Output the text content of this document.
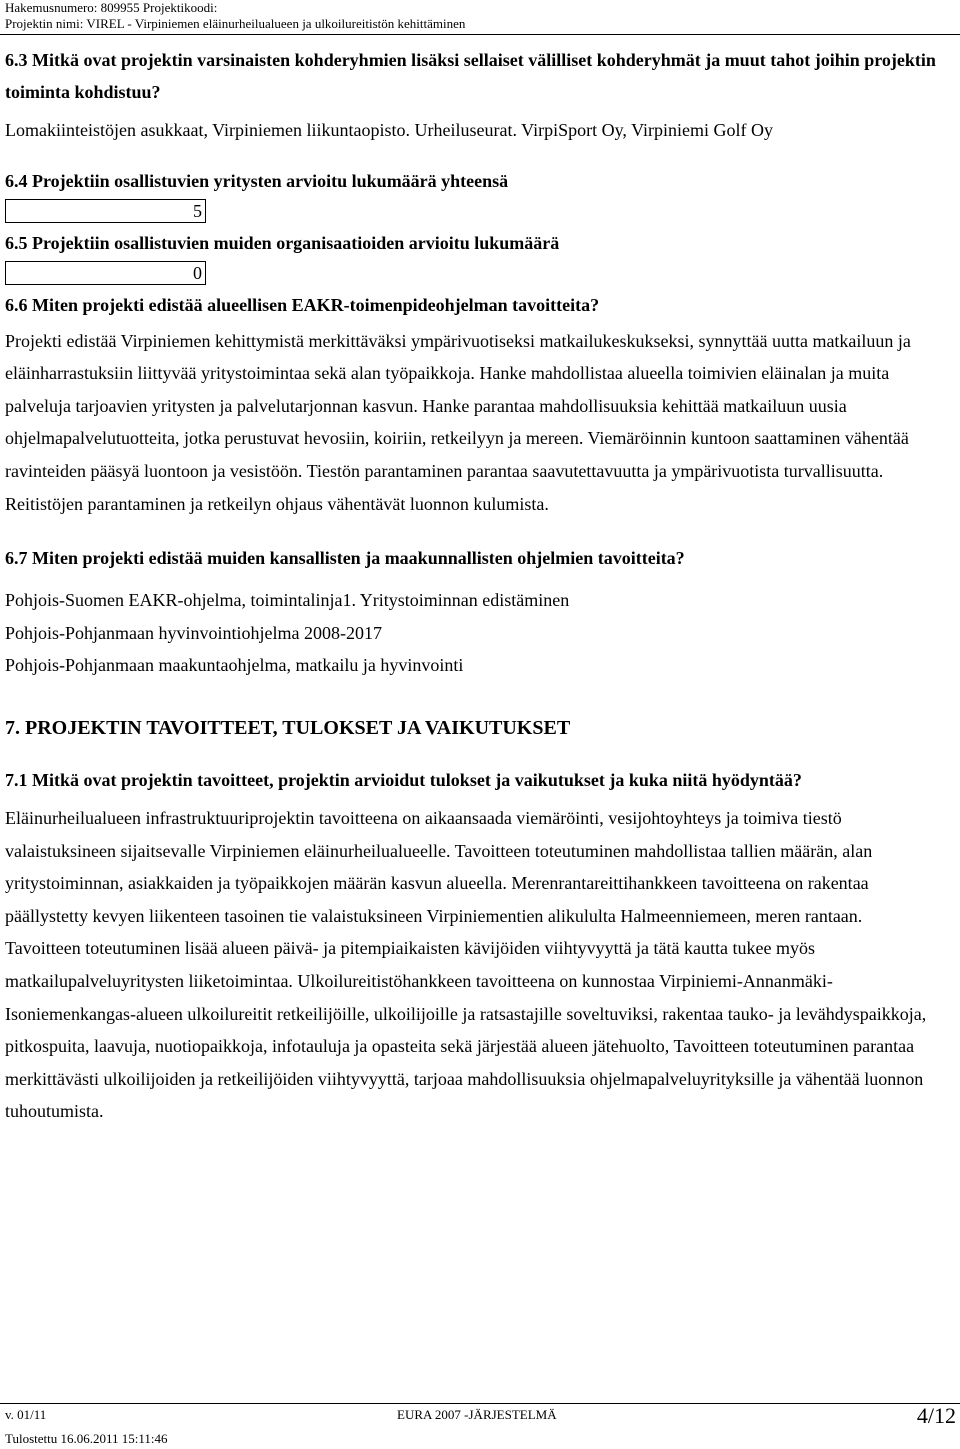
Hakemusnumero: 809955 Projektikoodi:
Projektin nimi: VIREL - Virpiniemen eläinurheilualueen ja ulkoilureitistön kehittäminen

6.3 Mitkä ovat projektin varsinaisten kohderyhmien lisäksi sellaiset välilliset kohderyhmät ja muut tahot joihin projektin toiminta kohdistuu?

Lomakiinteistöjen asukkaat, Virpiniemen liikuntaopisto. Urheiluseurat. VirpiSport Oy, Virpiniemi Golf Oy

6.4 Projektiin osallistuvien yritysten arvioitu lukumäärä yhteensä

5

6.5 Projektiin osallistuvien muiden organisaatioiden arvioitu lukumäärä

0

6.6 Miten projekti edistää alueellisen EAKR-toimenpideohjelman tavoitteita?

Projekti edistää Virpiniemen kehittymistä merkittäväksi ympärivuotiseksi matkailukeskukseksi, synnyttää uutta matkailuun ja eläinharrastuksiin liittyvää yritystoimintaa sekä alan työpaikkoja. Hanke mahdollistaa alueella toimivien eläinalan ja muita palveluja tarjoavien yritysten ja palvelutarjonnan kasvun. Hanke parantaa mahdollisuuksia kehittää matkailuun uusia ohjelmapalvelutuotteita, jotka perustuvat hevosiin, koiriin, retkeilyyn ja mereen. Viemäröinnin kuntoon saattaminen vähentää ravinteiden pääsyä luontoon ja vesistöön. Tiestön parantaminen parantaa saavutettavuutta ja ympärivuotista turvallisuutta. Reitistöjen parantaminen ja retkeilyn ohjaus vähentävät luonnon kulumista.

6.7 Miten projekti edistää muiden kansallisten ja maakunnallisten ohjelmien tavoitteita?

Pohjois-Suomen EAKR-ohjelma, toimintalinja1. Yritystoiminnan edistäminen

Pohjois-Pohjanmaan hyvinvointiohjelma 2008-2017

Pohjois-Pohjanmaan maakuntaohjelma, matkailu ja hyvinvointi

7. PROJEKTIN TAVOITTEET, TULOKSET JA VAIKUTUKSET

7.1 Mitkä ovat projektin tavoitteet, projektin arvioidut tulokset ja vaikutukset ja kuka niitä hyödyntää?

Eläinurheilualueen infrastruktuuriprojektin tavoitteena on aikaansaada viemäröinti, vesijohtoyhteys ja toimiva tiestö valaistuksineen sijaitsevalle Virpiniemen eläinurheilualueelle. Tavoitteen toteutuminen mahdollistaa tallien määrän, alan yritystoiminnan, asiakkaiden ja työpaikkojen määrän kasvun alueella. Merenrantareittihankkeen tavoitteena on rakentaa päällystetty kevyen liikenteen tasoinen tie valaistuksineen Virpiniementien alikululta Halmeenniemeen, meren rantaan. Tavoitteen toteutuminen lisää alueen päivä- ja pitempiaikaisten kävijöiden viihtyvyyttä ja tätä kautta tukee myös matkailupalveluyritysten liiketoimintaa. Ulkoilureitistöhankkeen tavoitteena on kunnostaa Virpiniemi-Annanmäki-Isoniemenkangas-alueen ulkoilureitit retkeilijöille, ulkoilijoille ja ratsastajille soveltuviksi, rakentaa tauko- ja levähdyspaikkoja, pitkospuita, laavuja, nuotiopaikkoja, infotauluja ja opasteita sekä järjestää alueen jätehuolto, Tavoitteen toteutuminen parantaa merkittävästi ulkoilijoiden ja retkeilijöiden viihtyvyyttä, tarjoaa mahdollisuuksia ohjelmapalveluyrityksille ja vähentää luonnon tuhoutumista.

v. 01/11	EURA 2007 -JÄRJESTELMÄ	4/12
Tulostettu 16.06.2011 15:11:46
